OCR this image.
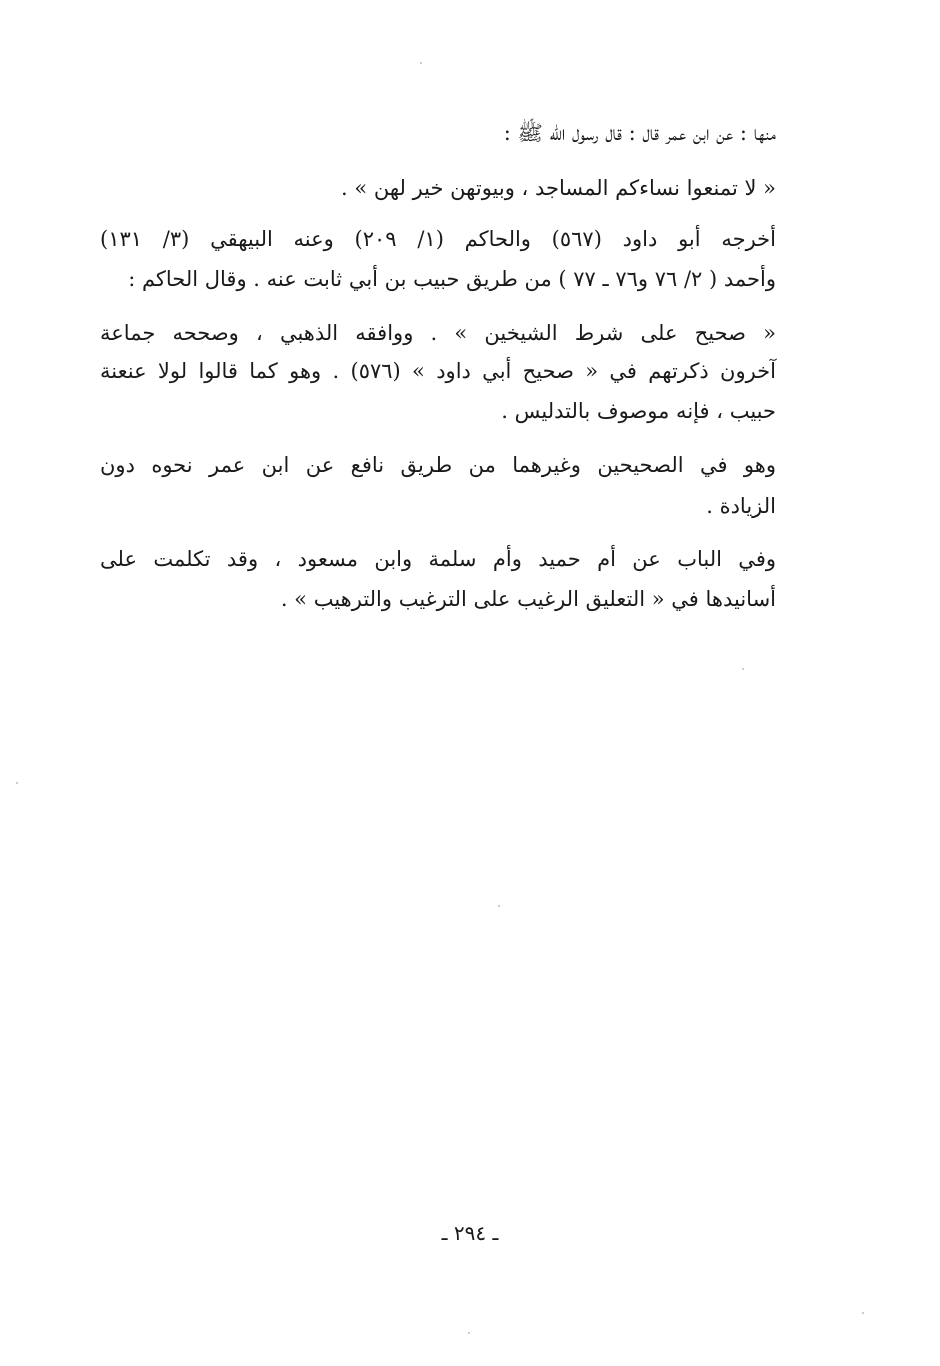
منها : عن ابن عمر قال : قال رسول الله ﷺ :
« لا تمنعوا نساءكم المساجد ، وبيوتهن خير لهن » .
أخرجه أبو داود (٥٦٧) والحاكم (١/ ٢٠٩) وعنه البيهقي (٣/ ١٣١)
وأحمد ( ٢/ ٧٦ و٧٦ ـ ٧٧ ) من طريق حبيب بن أبي ثابت عنه . وقال الحاكم :
« صحيح على شرط الشيخين » . ووافقه الذهبي ، وصححه جماعة
آخرون ذكرتهم في « صحيح أبي داود » (٥٧٦) . وهو كما قالوا لولا عنعنة
حبيب ، فإنه موصوف بالتدليس .
وهو في الصحيحين وغيرهما من طريق نافع عن ابن عمر نحوه دون
الزيادة .
وفي الباب عن أم حميد وأم سلمة وابن مسعود ، وقد تكلمت على
أسانيدها في « التعليق الرغيب على الترغيب والترهيب » .
ـ ٢٩٤ ـ
